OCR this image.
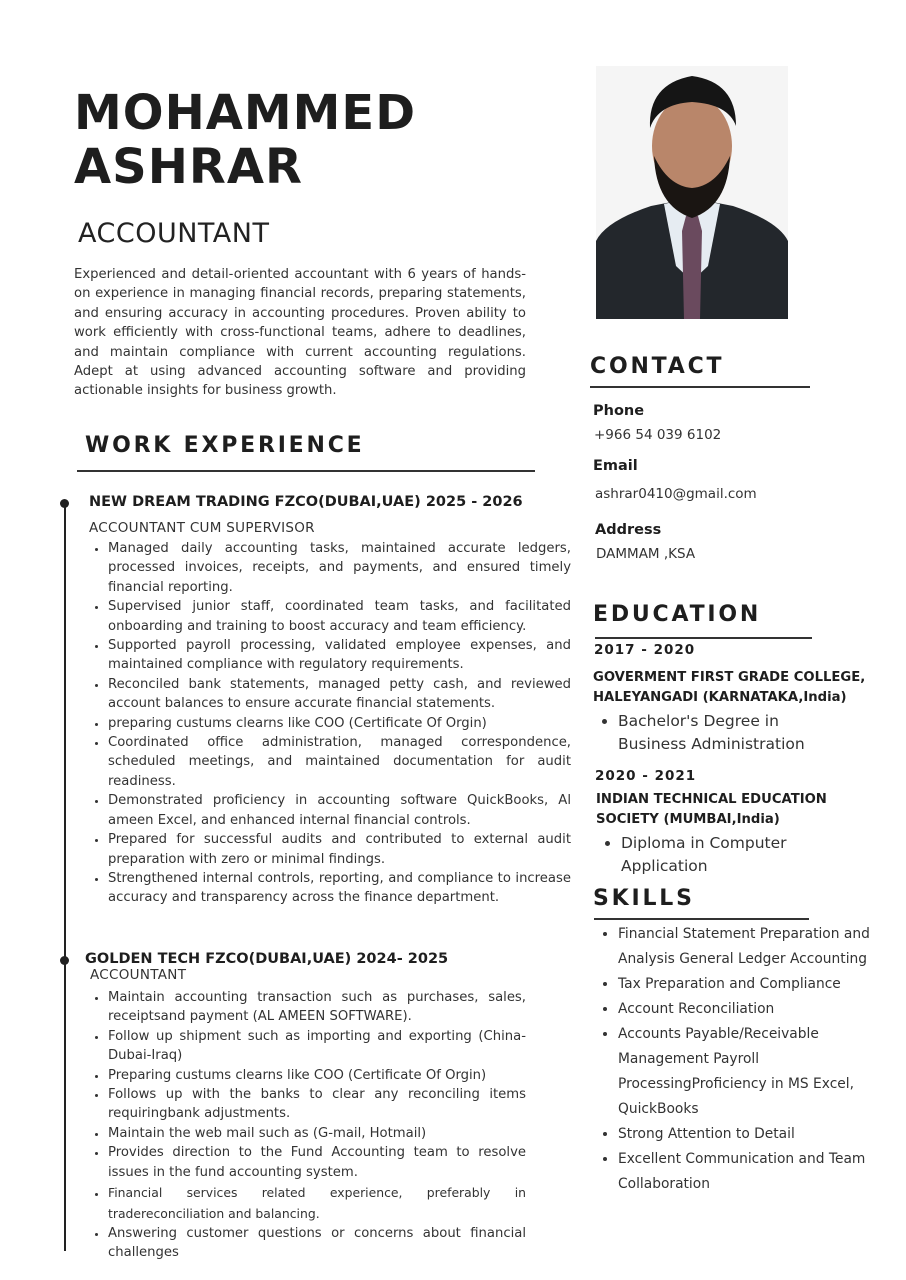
MOHAMMED
ASHRAR
ACCOUNTANT
Experienced and detail-oriented accountant with 6 years of hands-on experience in managing financial records, preparing statements, and ensuring accuracy in accounting procedures. Proven ability to work efficiently with cross-functional teams, adhere to deadlines, and maintain compliance with current accounting regulations. Adept at using advanced accounting software and providing actionable insights for business growth.
WORK EXPERIENCE
NEW DREAM TRADING FZCO(DUBAI,UAE) 2025 - 2026
ACCOUNTANT CUM SUPERVISOR
• Managed daily accounting tasks, maintained accurate ledgers, processed invoices, receipts, and payments, and ensured timely financial reporting.
• Supervised junior staff, coordinated team tasks, and facilitated onboarding and training to boost accuracy and team efficiency.
• Supported payroll processing, validated employee expenses, and maintained compliance with regulatory requirements.
• Reconciled bank statements, managed petty cash, and reviewed account balances to ensure accurate financial statements.
• preparing custums clearns like COO (Certificate Of Orgin)
• Coordinated office administration, managed correspondence, scheduled meetings, and maintained documentation for audit readiness.
• Demonstrated proficiency in accounting software QuickBooks, Al ameen Excel, and enhanced internal financial controls.
• Prepared for successful audits and contributed to external audit preparation with zero or minimal findings.
• Strengthened internal controls, reporting, and compliance to increase accuracy and transparency across the finance department.
GOLDEN TECH FZCO(DUBAI,UAE) 2024- 2025
ACCOUNTANT
• Maintain accounting transaction such as purchases, sales, receiptsand payment (AL AMEEN SOFTWARE).
• Follow up shipment such as importing and exporting (China-Dubai-Iraq)
• Preparing custums clearns like COO (Certificate Of Orgin)
• Follows up with the banks to clear any reconciling items requiringbank adjustments.
• Maintain the web mail such as (G-mail, Hotmail)
• Provides direction to the Fund Accounting team to resolve issues in the fund accounting system.
• Financial services related experience, preferably in tradereconciliation and balancing.
• Answering customer questions or concerns about financial challenges
CONTACT
Phone
+966 54 039 6102
Email
ashrar0410@gmail.com
Address
DAMMAM ,KSA
EDUCATION
2017 - 2020
GOVERMENT FIRST GRADE COLLEGE,
HALEYANGADI (KARNATAKA,India)
• Bachelor's Degree in
Business Administration
2020 - 2021
INDIAN TECHNICAL EDUCATION
SOCIETY (MUMBAI,India)
• Diploma in Computer
Application
SKILLS
• Financial Statement Preparation and Analysis General Ledger Accounting
• Tax Preparation and Compliance
• Account Reconciliation
• Accounts Payable/Receivable Management Payroll ProcessingProficiency in MS Excel, QuickBooks
• Strong Attention to Detail
• Excellent Communication and Team Collaboration
